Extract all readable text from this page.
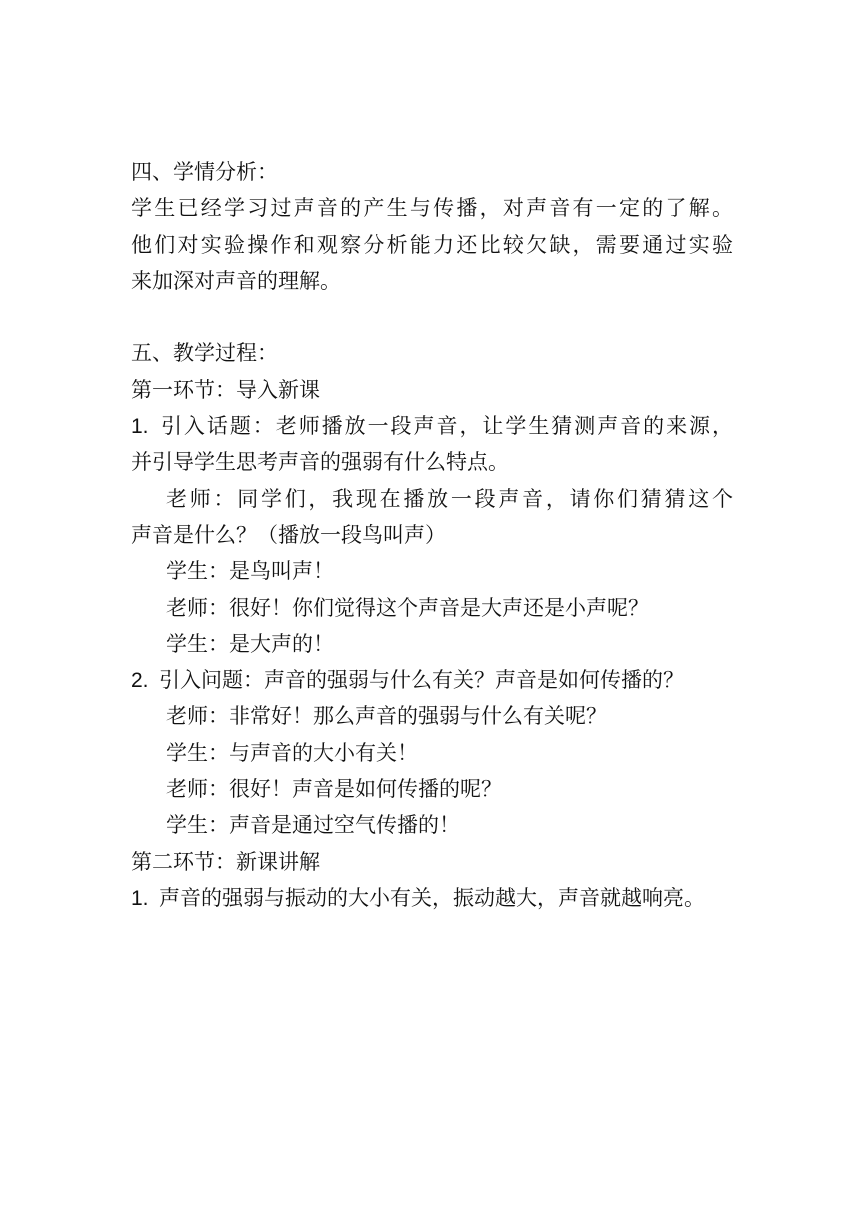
四、学情分析：
学生已经学习过声音的产生与传播，对声音有一定的了解。
他们对实验操作和观察分析能力还比较欠缺，需要通过实验
来加深对声音的理解。
五、教学过程：
第一环节：导入新课
1. 引入话题：老师播放一段声音，让学生猜测声音的来源，
并引导学生思考声音的强弱有什么特点。
老师：同学们，我现在播放一段声音，请你们猜猜这个
声音是什么？（播放一段鸟叫声）
学生：是鸟叫声！
老师：很好！你们觉得这个声音是大声还是小声呢？
学生：是大声的！
2. 引入问题：声音的强弱与什么有关？声音是如何传播的？
老师：非常好！那么声音的强弱与什么有关呢？
学生：与声音的大小有关！
老师：很好！声音是如何传播的呢？
学生：声音是通过空气传播的！
第二环节：新课讲解
1. 声音的强弱与振动的大小有关，振动越大，声音就越响亮。
